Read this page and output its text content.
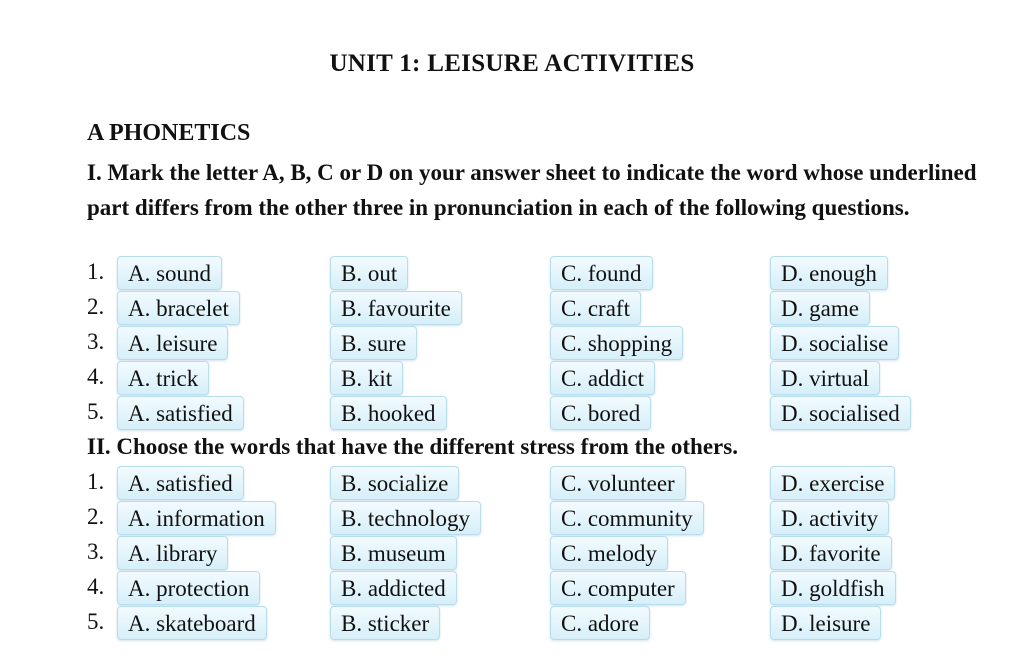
UNIT 1: LEISURE ACTIVITIES
A PHONETICS
I. Mark the letter A, B, C or D on your answer sheet to indicate the word whose underlined part differs from the other three in pronunciation in each of the following questions.
1.	A. sound	B. out	C. found	D. enough
2.	A. bracelet	B. favourite	C. craft	D. game
3.	A. leisure	B. sure	C. shopping	D. socialise
4.	A. trick	B. kit	C. addict	D. virtual
5.	A. satisfied	B. hooked	C. bored	D. socialised
II. Choose the words that have the different stress from the others.
1.	A. satisfied	B. socialize	C. volunteer	D. exercise
2.	A. information	B. technology	C. community	D. activity
3.	A. library	B. museum	C. melody	D. favorite
4.	A. protection	B. addicted	C. computer	D. goldfish
5.	A. skateboard	B. sticker	C. adore	D. leisure
